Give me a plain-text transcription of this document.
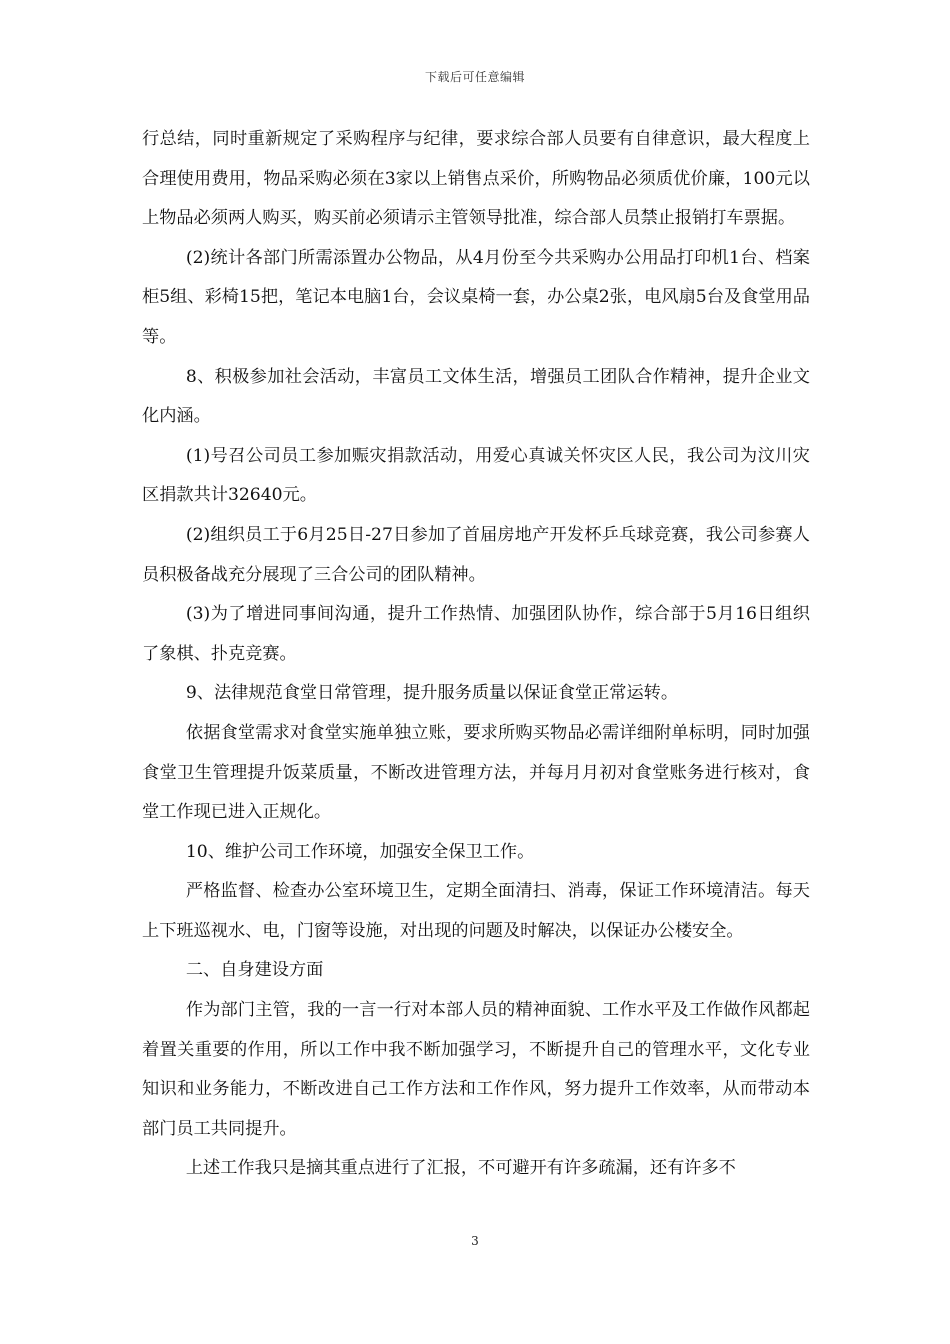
下载后可任意编辑

行总结，同时重新规定了采购程序与纪律，要求综合部人员要有自律意识，最大程度上合理使用费用，物品采购必须在3家以上销售点采价，所购物品必须质优价廉，100元以上物品必须两人购买，购买前必须请示主管领导批准，综合部人员禁止报销打车票据。

(2)统计各部门所需添置办公物品，从4月份至今共采购办公用品打印机1台、档案柜5组、彩椅15把，笔记本电脑1台，会议桌椅一套，办公桌2张，电风扇5台及食堂用品等。

8、积极参加社会活动，丰富员工文体生活，增强员工团队合作精神，提升企业文化内涵。

(1)号召公司员工参加赈灾捐款活动，用爱心真诚关怀灾区人民，我公司为汶川灾区捐款共计32640元。

(2)组织员工于6月25日-27日参加了首届房地产开发杯乒乓球竞赛，我公司参赛人员积极备战充分展现了三合公司的团队精神。

(3)为了增进同事间沟通，提升工作热情、加强团队协作，综合部于5月16日组织了象棋、扑克竞赛。

9、法律规范食堂日常管理，提升服务质量以保证食堂正常运转。

依据食堂需求对食堂实施单独立账，要求所购买物品必需详细附单标明，同时加强食堂卫生管理提升饭菜质量，不断改进管理方法，并每月月初对食堂账务进行核对，食堂工作现已进入正规化。

10、维护公司工作环境，加强安全保卫工作。

严格监督、检查办公室环境卫生，定期全面清扫、消毒，保证工作环境清洁。每天上下班巡视水、电，门窗等设施，对出现的问题及时解决，以保证办公楼安全。

二、自身建设方面

作为部门主管，我的一言一行对本部人员的精神面貌、工作水平及工作做作风都起着置关重要的作用，所以工作中我不断加强学习，不断提升自己的管理水平，文化专业知识和业务能力，不断改进自己工作方法和工作作风，努力提升工作效率，从而带动本部门员工共同提升。

上述工作我只是摘其重点进行了汇报，不可避开有许多疏漏，还有许多不

3
